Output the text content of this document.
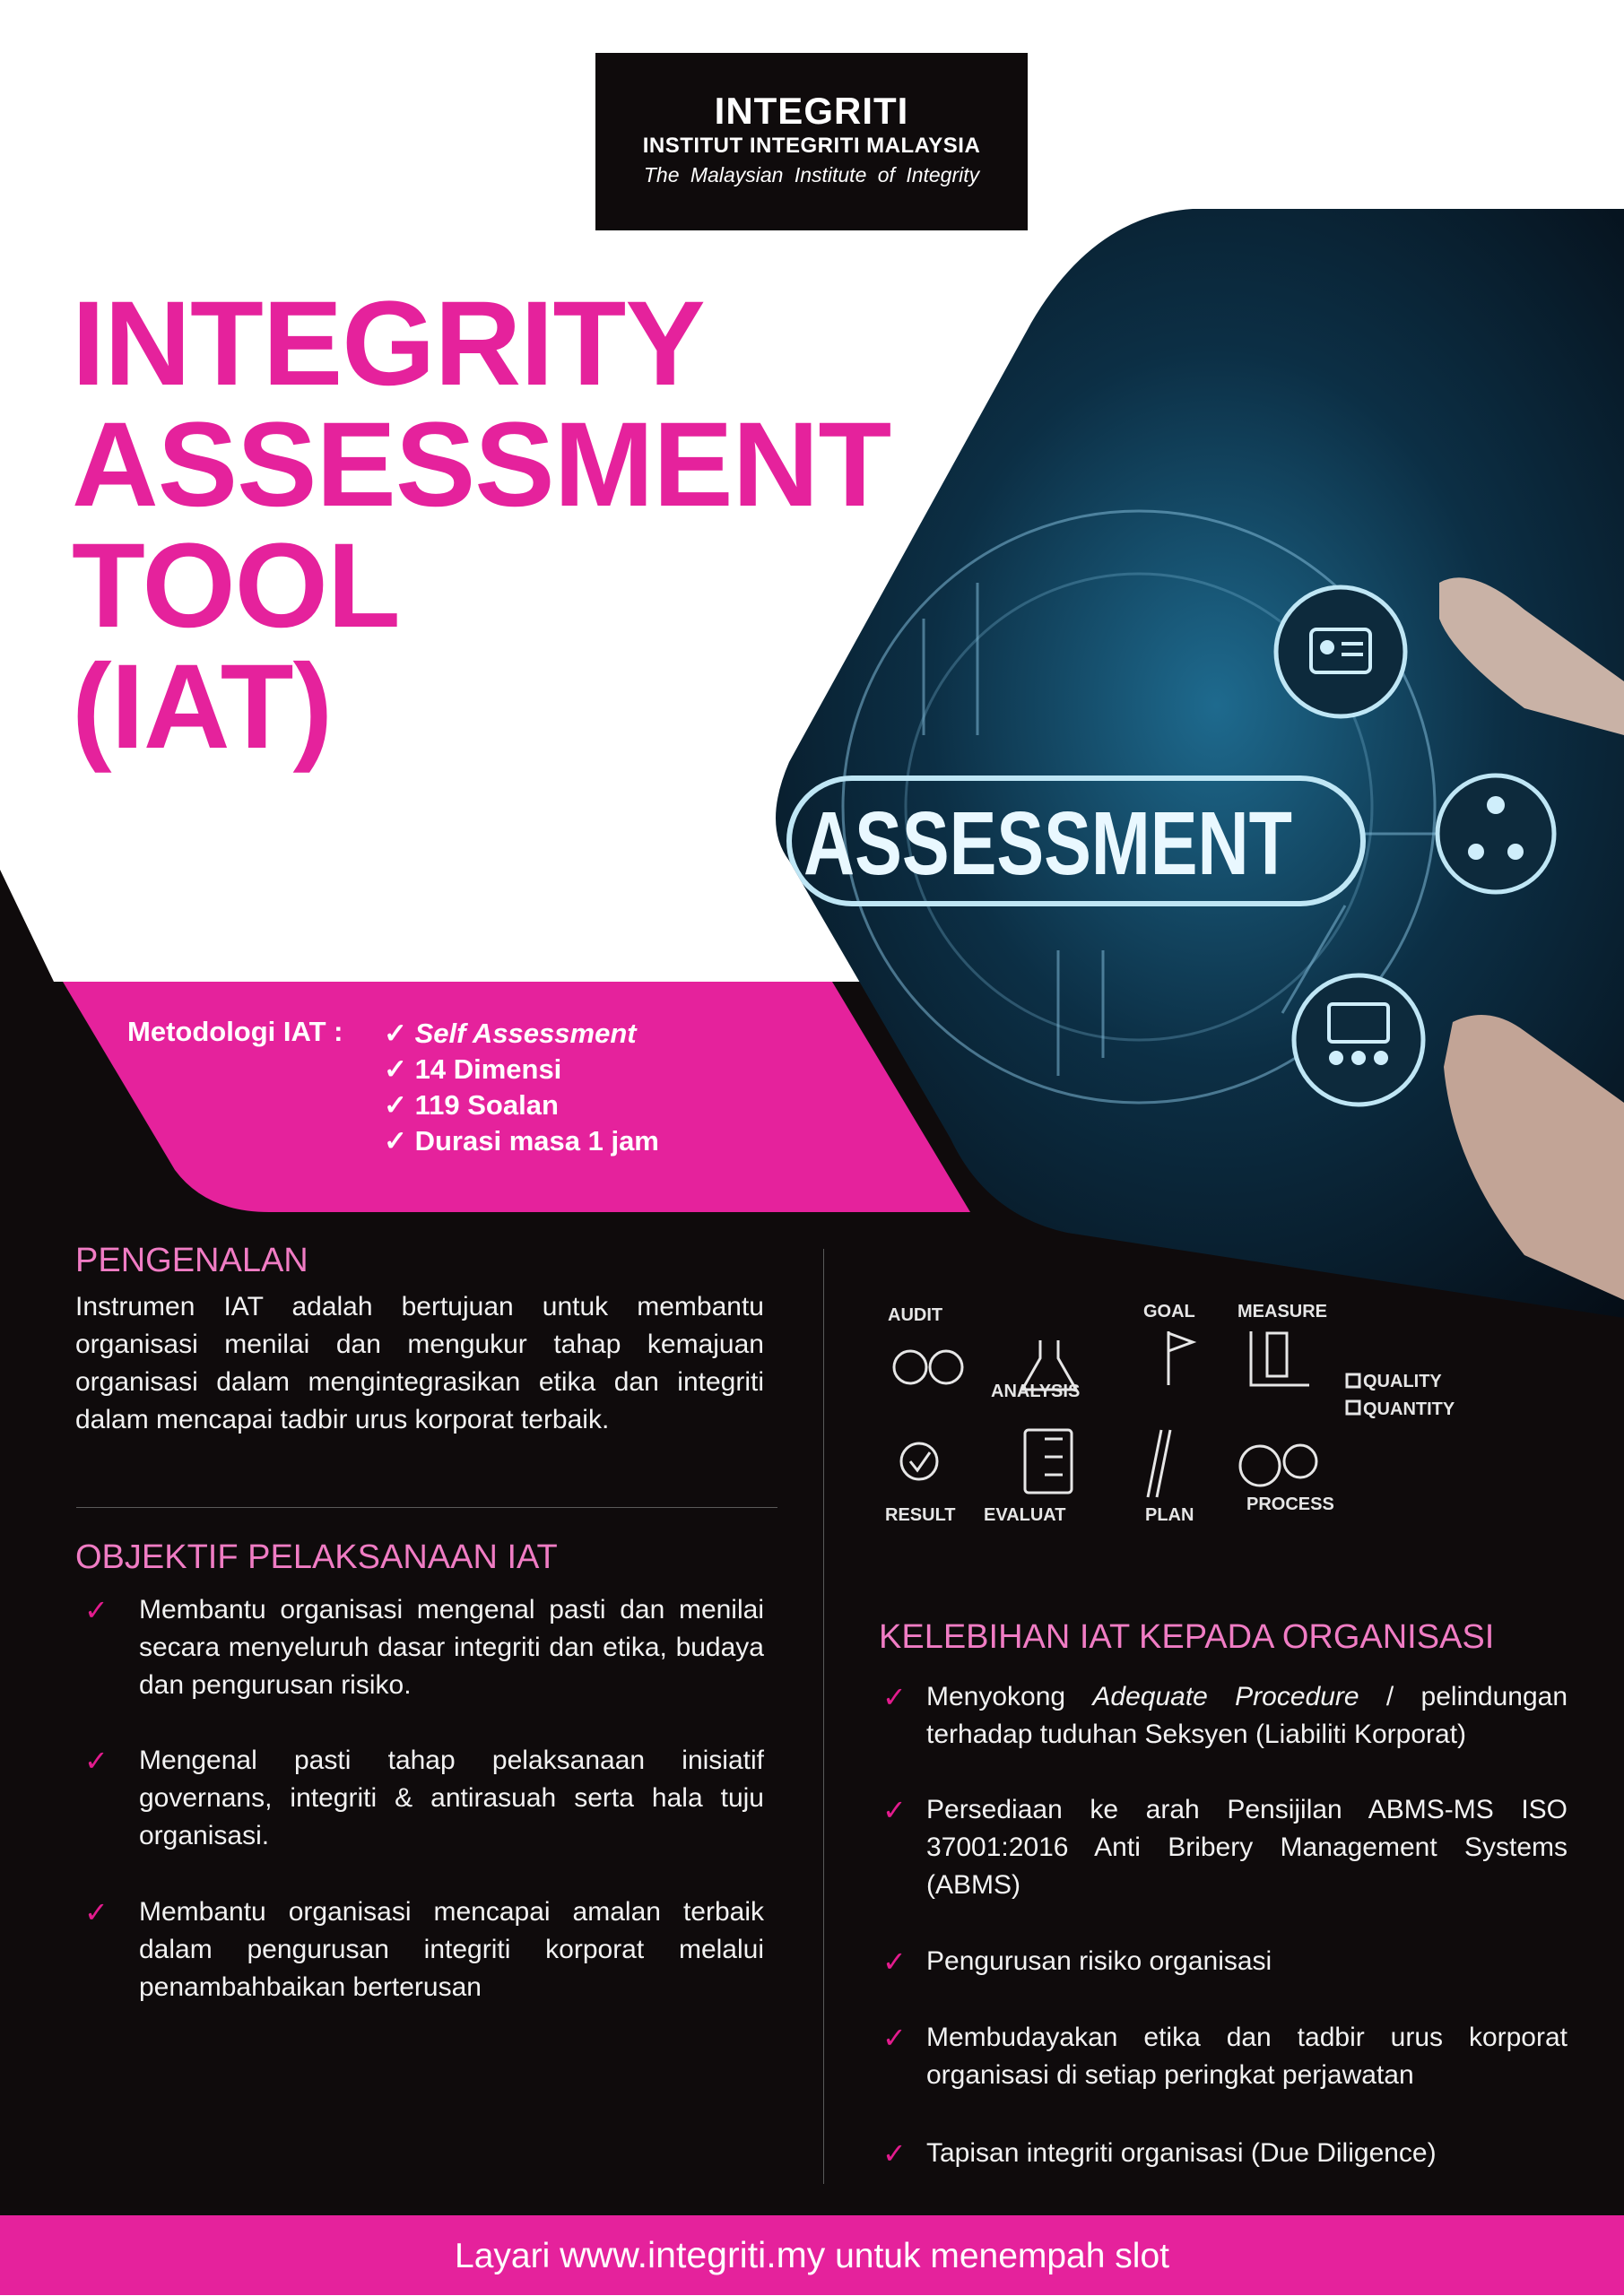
ASSESSMENT
INTEGRITI
INSTITUT INTEGRITI MALAYSIA
The Malaysian Institute of Integrity
INTEGRITY
ASSESSMENT
TOOL
(IAT)
Metodologi IAT : ✓ Self Assessment
✓ 14 Dimensi
✓ 119 Soalan
✓ Durasi masa 1 jam
PENGENALAN
Instrumen IAT adalah bertujuan untuk membantu organisasi menilai dan mengukur tahap kemajuan organisasi dalam mengintegrasikan etika dan integriti dalam mencapai tadbir urus korporat terbaik.
OBJEKTIF PELAKSANAAN IAT
✓ Membantu organisasi mengenal pasti dan menilai secara menyeluruh dasar integriti dan etika, budaya dan pengurusan risiko.
✓ Mengenal pasti tahap pelaksanaan inisiatif governans, integriti & antirasuah serta hala tuju organisasi.
✓ Membantu organisasi mencapai amalan terbaik dalam pengurusan integriti korporat melalui penambahbaikan berterusan
AUDIT
ANALYSIS
GOAL MEASURE
QUALITY
QUANTITY
RESULT EVALUAT	PLAN
PROCESS
KELEBIHAN IAT KEPADA ORGANISASI
✓ Menyokong Adequate Procedure / pelindungan terhadap tuduhan Seksyen (Liabiliti Korporat)
✓ Persediaan ke arah Pensijilan ABMS-MS ISO 37001:2016 Anti Bribery Management Systems (ABMS)
✓ Pengurusan risiko organisasi
✓ Membudayakan etika dan tadbir urus korporat organisasi di setiap peringkat perjawatan
✓ Tapisan integriti organisasi (Due Diligence)
Layari www.integriti.my untuk menempah slot
